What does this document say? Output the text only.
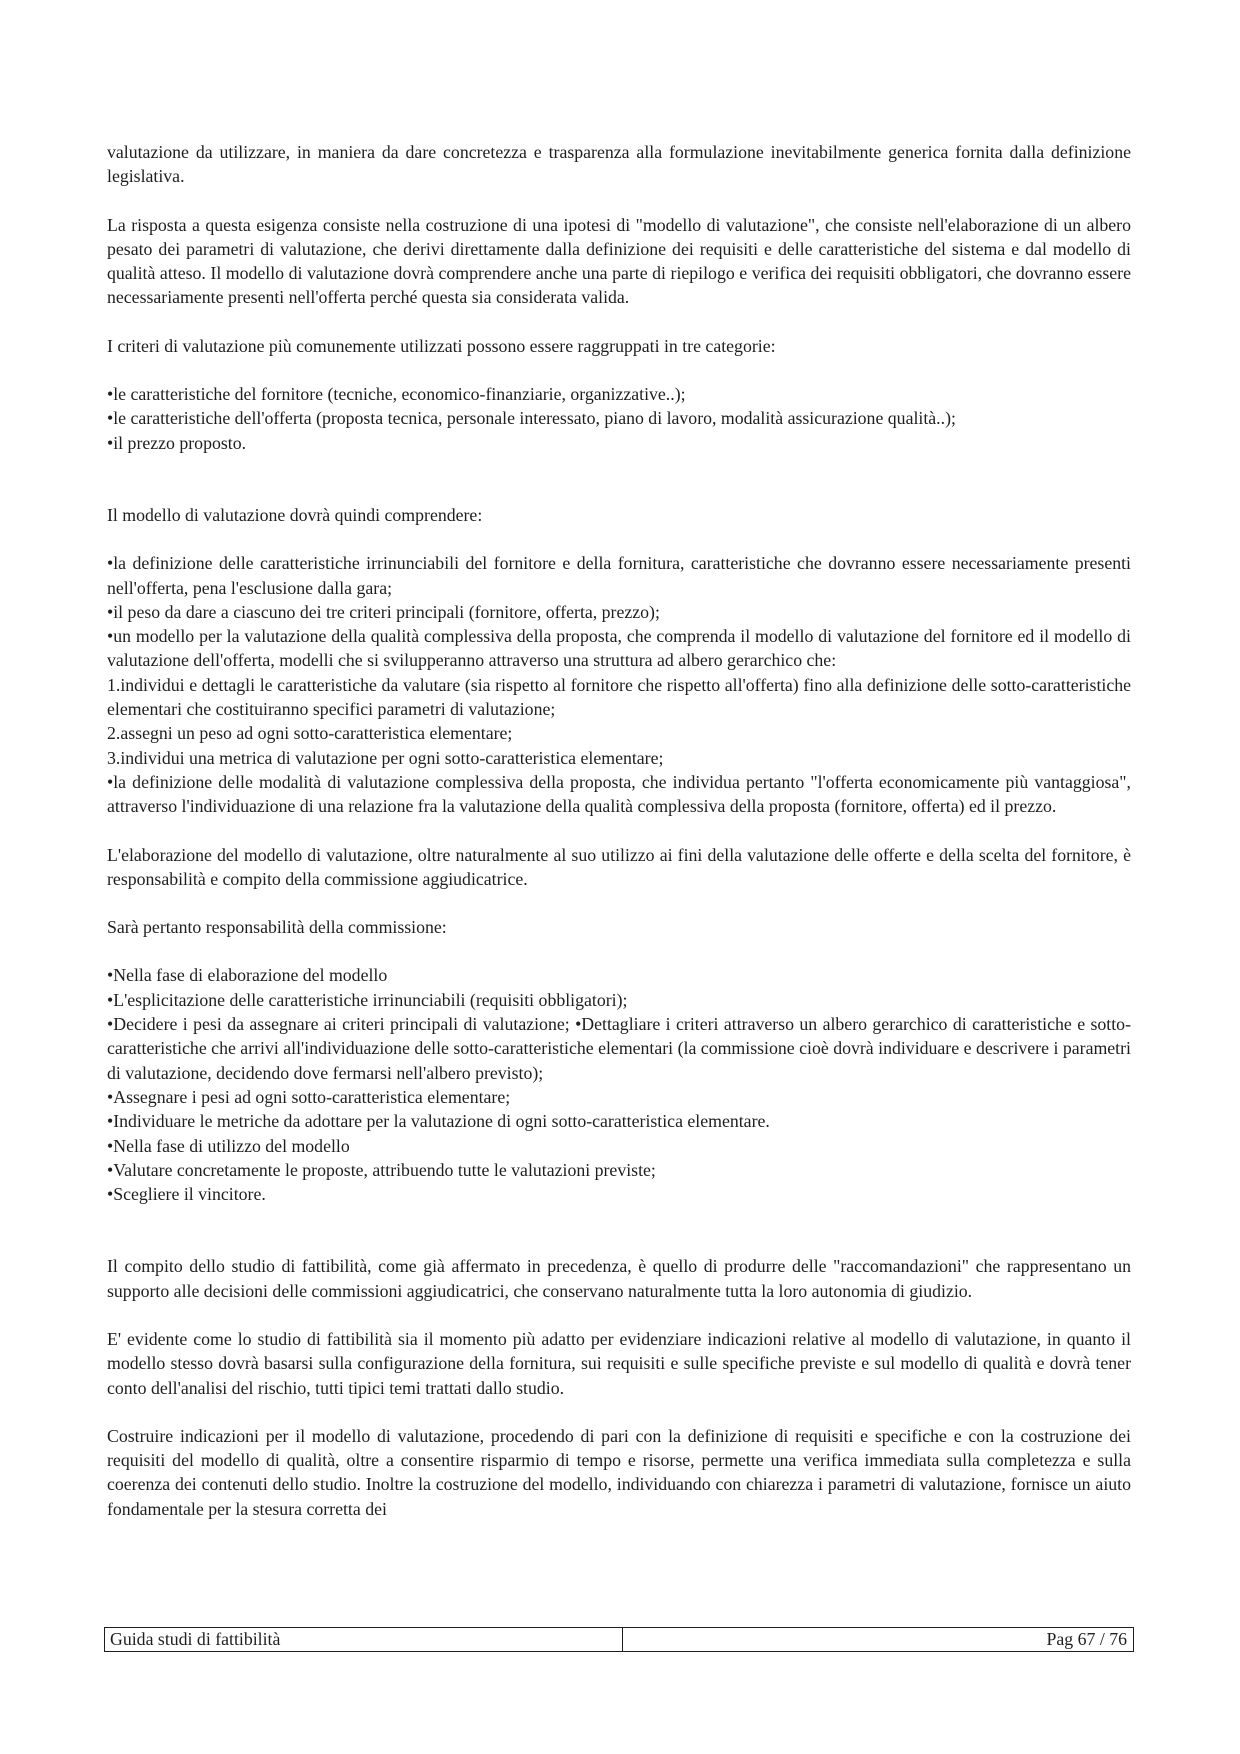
valutazione da utilizzare, in maniera da dare concretezza e trasparenza alla formulazione inevitabilmente generica fornita dalla definizione legislativa.

La risposta a questa esigenza consiste nella costruzione di una ipotesi di "modello di valutazione", che consiste nell'elaborazione di un albero pesato dei parametri di valutazione, che derivi direttamente dalla definizione dei requisiti e delle caratteristiche del sistema e dal modello di qualità atteso. Il modello di valutazione dovrà comprendere anche una parte di riepilogo e verifica dei requisiti obbligatori, che dovranno essere necessariamente presenti nell'offerta perché questa sia considerata valida.

I criteri di valutazione più comunemente utilizzati possono essere raggruppati in tre categorie:

•le caratteristiche del fornitore (tecniche, economico-finanziarie, organizzative..);

•le caratteristiche dell'offerta (proposta tecnica, personale interessato, piano di lavoro, modalità assicurazione qualità..);

•il prezzo proposto.

Il modello di valutazione dovrà quindi comprendere:

•la definizione delle caratteristiche irrinunciabili del fornitore e della fornitura, caratteristiche che dovranno essere necessariamente presenti nell'offerta, pena l'esclusione dalla gara;

•il peso da dare a ciascuno dei tre criteri principali (fornitore, offerta, prezzo);

•un modello per la valutazione della qualità complessiva della proposta, che comprenda il modello di valutazione del fornitore ed il modello di valutazione dell'offerta, modelli che si svilupperanno attraverso una struttura ad albero gerarchico che:

1.individui e dettagli le caratteristiche da valutare (sia rispetto al fornitore che rispetto all'offerta) fino alla definizione delle sotto-caratteristiche elementari che costituiranno specifici parametri di valutazione;

2.assegni un peso ad ogni sotto-caratteristica elementare;

3.individui una metrica di valutazione per ogni sotto-caratteristica elementare;

•la definizione delle modalità di valutazione complessiva della proposta, che individua pertanto "l'offerta economicamente più vantaggiosa", attraverso l'individuazione di una relazione fra la valutazione della qualità complessiva della proposta (fornitore, offerta) ed il prezzo.

L'elaborazione del modello di valutazione, oltre naturalmente al suo utilizzo ai fini della valutazione delle offerte e della scelta del fornitore, è responsabilità e compito della commissione aggiudicatrice.

Sarà pertanto responsabilità della commissione:

•Nella fase di elaborazione del modello

•L'esplicitazione delle caratteristiche irrinunciabili (requisiti obbligatori);

•Decidere i pesi da assegnare ai criteri principali di valutazione; •Dettagliare i criteri attraverso un albero gerarchico di caratteristiche e sotto-caratteristiche che arrivi all'individuazione delle sotto-caratteristiche elementari (la commissione cioè dovrà individuare e descrivere i parametri di valutazione, decidendo dove fermarsi nell'albero previsto);

•Assegnare i pesi ad ogni sotto-caratteristica elementare;

•Individuare le metriche da adottare per la valutazione di ogni sotto-caratteristica elementare.

•Nella fase di utilizzo del modello

•Valutare concretamente le proposte, attribuendo tutte le valutazioni previste;

•Scegliere il vincitore.

Il compito dello studio di fattibilità, come già affermato in precedenza, è quello di produrre delle "raccomandazioni" che rappresentano un supporto alle decisioni delle commissioni aggiudicatrici, che conservano naturalmente tutta la loro autonomia di giudizio.

E' evidente come lo studio di fattibilità sia il momento più adatto per evidenziare indicazioni relative al modello di valutazione, in quanto il modello stesso dovrà basarsi sulla configurazione della fornitura, sui requisiti e sulle specifiche previste e sul modello di qualità e dovrà tener conto dell'analisi del rischio, tutti tipici temi trattati dallo studio.

Costruire indicazioni per il modello di valutazione, procedendo di pari con la definizione di requisiti e specifiche e con la costruzione dei requisiti del modello di qualità, oltre a consentire risparmio di tempo e risorse, permette una verifica immediata sulla completezza e sulla coerenza dei contenuti dello studio. Inoltre la costruzione del modello, individuando con chiarezza i parametri di valutazione, fornisce un aiuto fondamentale per la stesura corretta dei

Guida studi di fattibilità	Pag 67 / 76
